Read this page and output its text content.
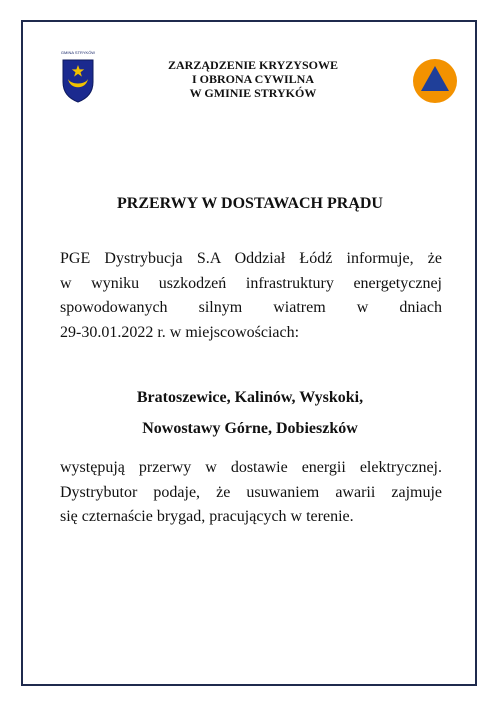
GMINA STRYKÓW
ZARZĄDZENIE KRYZYSOWE
I OBRONA CYWILNA
W GMINIE STRYKÓW
PRZERWY W DOSTAWACH PRĄDU
PGE Dystrybucja S.A Oddział Łódź informuje, że
w wyniku uszkodzeń infrastruktury energetycznej
spowodowanych silnym wiatrem w dniach
29-30.01.2022 r. w miejscowościach:
Bratoszewice, Kalinów, Wyskoki,
Nowostawy Górne, Dobieszków
występują przerwy w dostawie energii elektrycznej.
Dystrybutor podaje, że usuwaniem awarii zajmuje
się czternaście brygad, pracujących w terenie.
